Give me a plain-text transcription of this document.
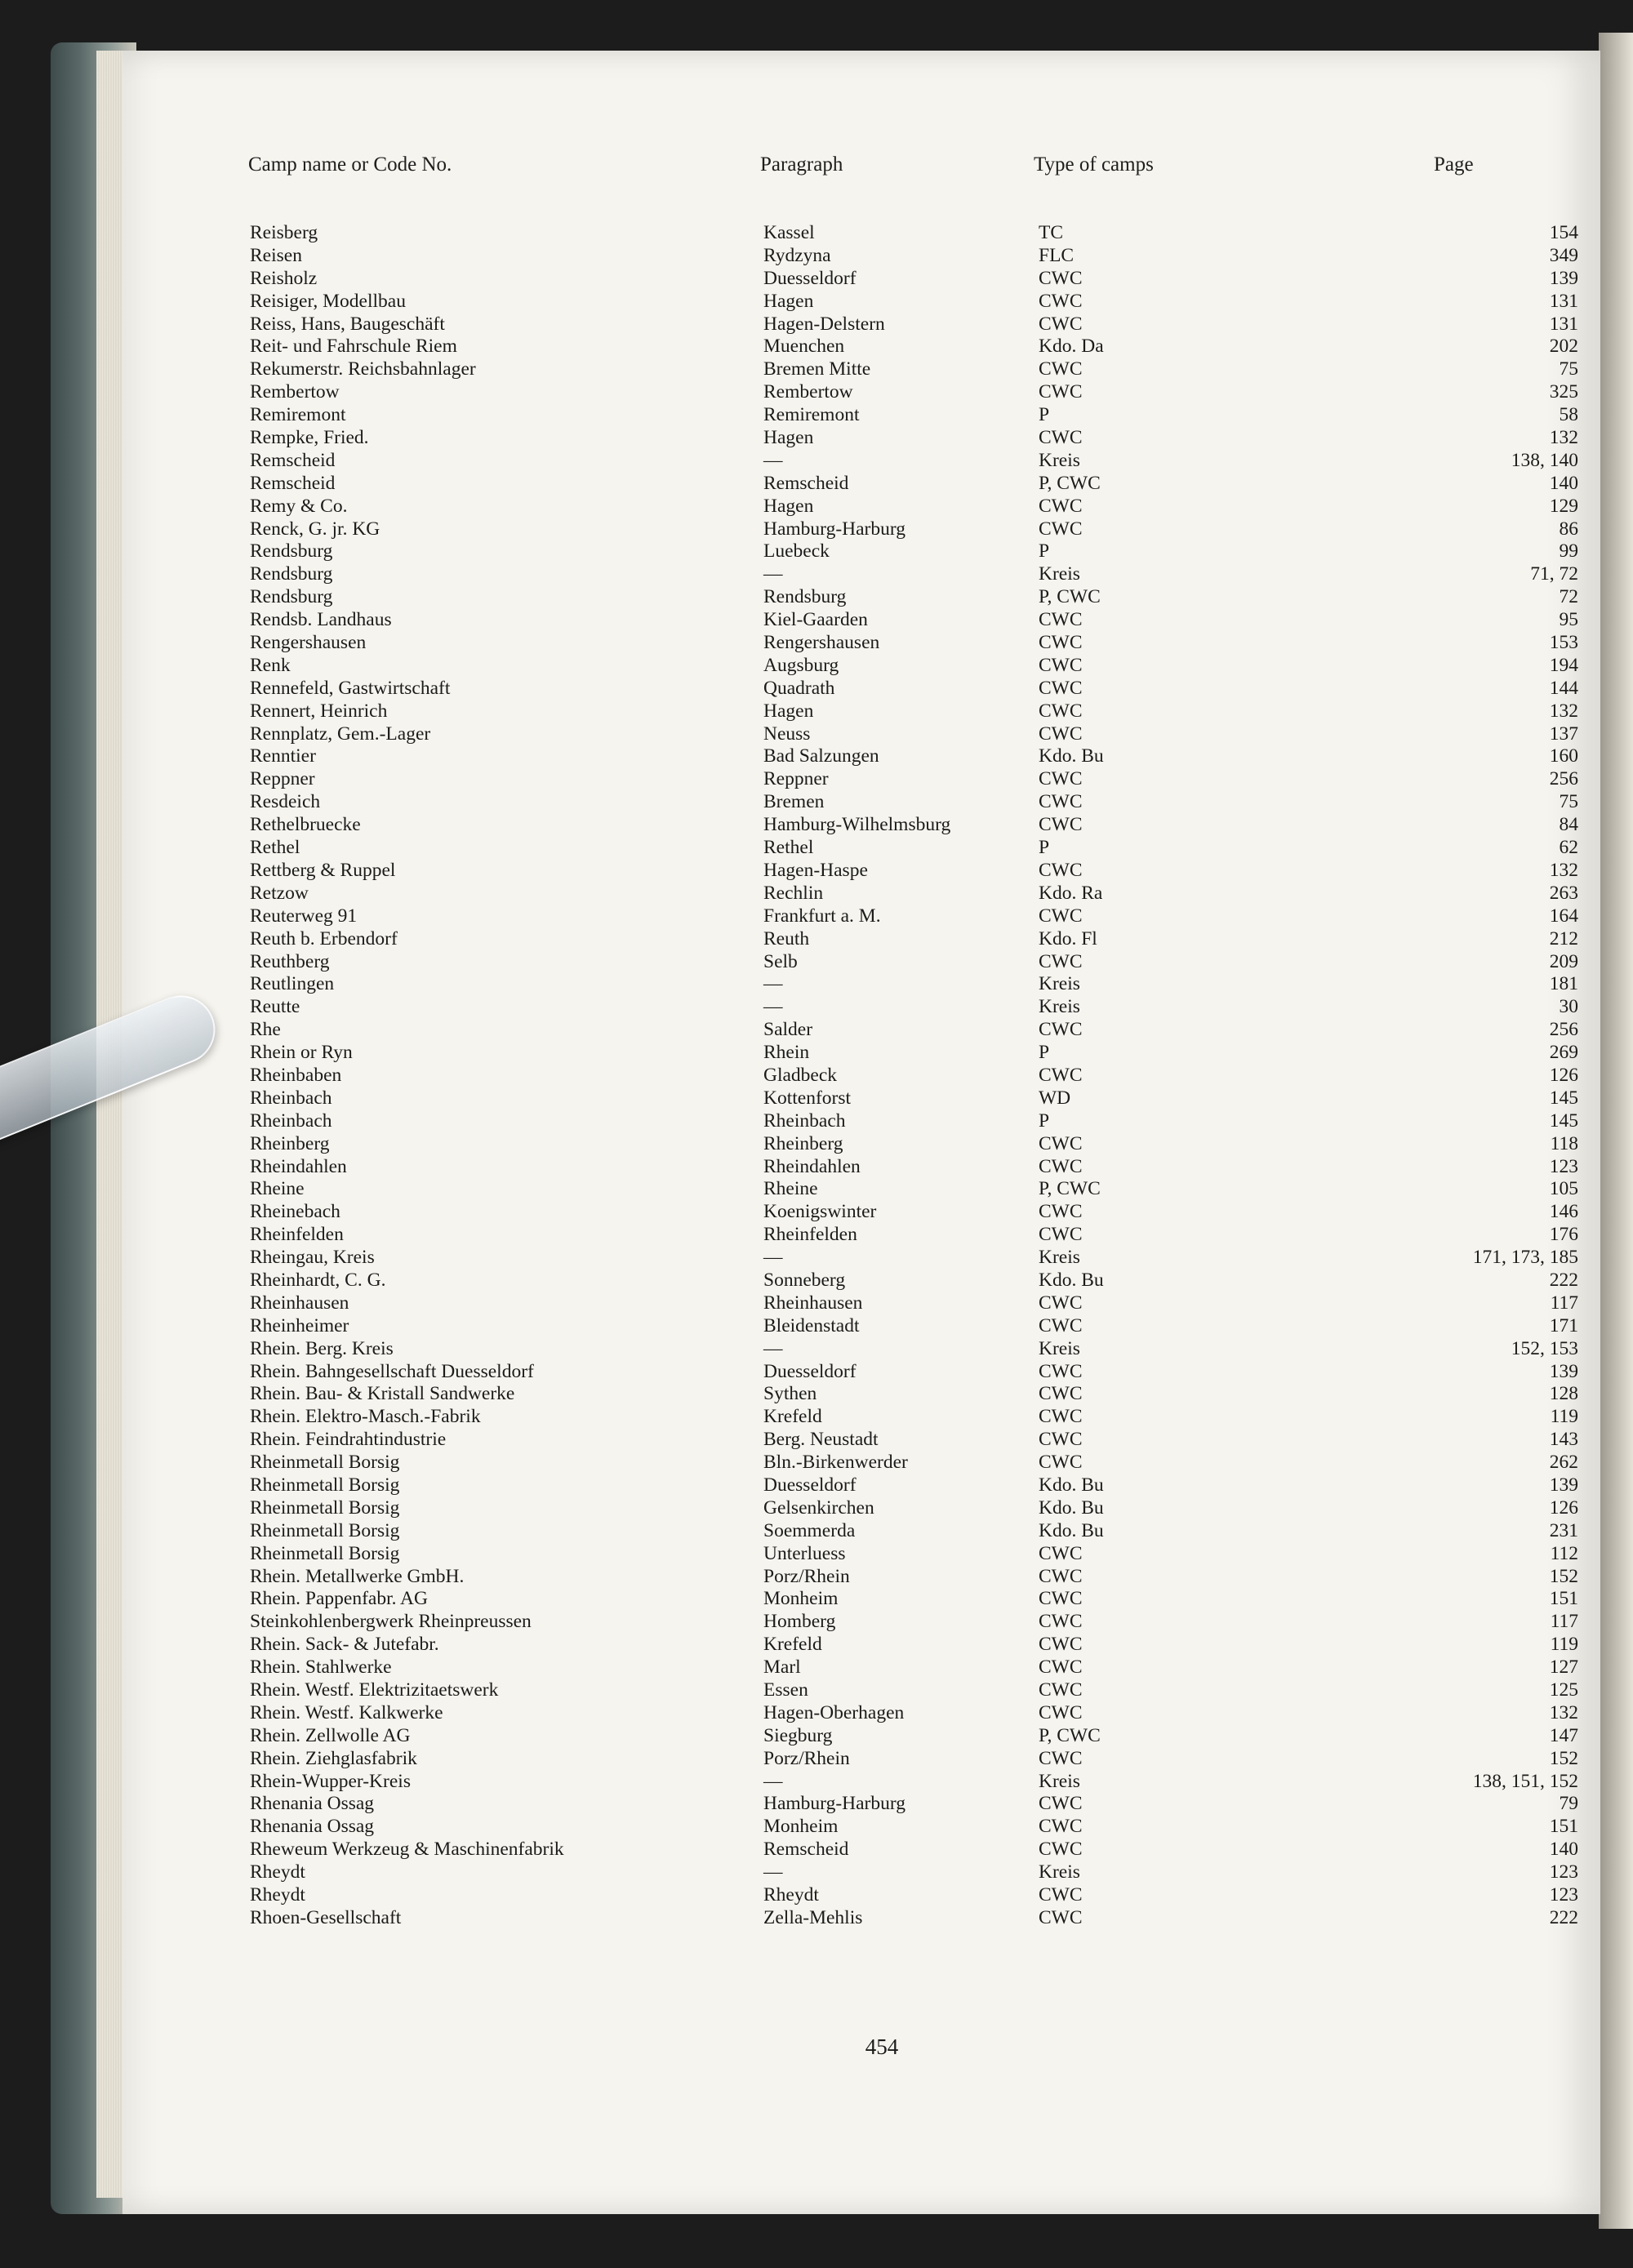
Camp name or Code No.	Paragraph	Type of camps	Page
Reisberg	Kassel	TC	154
Reisen	Rydzyna	FLC	349
Reisholz	Duesseldorf	CWC	139
Reisiger, Modellbau	Hagen	CWC	131
Reiss, Hans, Baugeschäft	Hagen-Delstern	CWC	131
Reit- und Fahrschule Riem	Muenchen	Kdo. Da	202
Rekumerstr. Reichsbahnlager	Bremen Mitte	CWC	75
Rembertow	Rembertow	CWC	325
Remiremont	Remiremont	P	58
Rempke, Fried.	Hagen	CWC	132
Remscheid	—	Kreis	138, 140
Remscheid	Remscheid	P, CWC	140
Remy & Co.	Hagen	CWC	129
Renck, G. jr. KG	Hamburg-Harburg	CWC	86
Rendsburg	Luebeck	P	99
Rendsburg	—	Kreis	71, 72
Rendsburg	Rendsburg	P, CWC	72
Rendsb. Landhaus	Kiel-Gaarden	CWC	95
Rengershausen	Rengershausen	CWC	153
Renk	Augsburg	CWC	194
Rennefeld, Gastwirtschaft	Quadrath	CWC	144
Rennert, Heinrich	Hagen	CWC	132
Rennplatz, Gem.-Lager	Neuss	CWC	137
Renntier	Bad Salzungen	Kdo. Bu	160
Reppner	Reppner	CWC	256
Resdeich	Bremen	CWC	75
Rethelbruecke	Hamburg-Wilhelmsburg	CWC	84
Rethel	Rethel	P	62
Rettberg & Ruppel	Hagen-Haspe	CWC	132
Retzow	Rechlin	Kdo. Ra	263
Reuterweg 91	Frankfurt a. M.	CWC	164
Reuth b. Erbendorf	Reuth	Kdo. Fl	212
Reuthberg	Selb	CWC	209
Reutlingen	—	Kreis	181
Reutte	—	Kreis	30
Rhe	Salder	CWC	256
Rhein or Ryn	Rhein	P	269
Rheinbaben	Gladbeck	CWC	126
Rheinbach	Kottenforst	WD	145
Rheinbach	Rheinbach	P	145
Rheinberg	Rheinberg	CWC	118
Rheindahlen	Rheindahlen	CWC	123
Rheine	Rheine	P, CWC	105
Rheinebach	Koenigswinter	CWC	146
Rheinfelden	Rheinfelden	CWC	176
Rheingau, Kreis	—	Kreis	171, 173, 185
Rheinhardt, C. G.	Sonneberg	Kdo. Bu	222
Rheinhausen	Rheinhausen	CWC	117
Rheinheimer	Bleidenstadt	CWC	171
Rhein. Berg. Kreis	—	Kreis	152, 153
Rhein. Bahngesellschaft Duesseldorf	Duesseldorf	CWC	139
Rhein. Bau- & Kristall Sandwerke	Sythen	CWC	128
Rhein. Elektro-Masch.-Fabrik	Krefeld	CWC	119
Rhein. Feindrahtindustrie	Berg. Neustadt	CWC	143
Rheinmetall Borsig	Bln.-Birkenwerder	CWC	262
Rheinmetall Borsig	Duesseldorf	Kdo. Bu	139
Rheinmetall Borsig	Gelsenkirchen	Kdo. Bu	126
Rheinmetall Borsig	Soemmerda	Kdo. Bu	231
Rheinmetall Borsig	Unterluess	CWC	112
Rhein. Metallwerke GmbH.	Porz/Rhein	CWC	152
Rhein. Pappenfabr. AG	Monheim	CWC	151
Steinkohlenbergwerk Rheinpreussen	Homberg	CWC	117
Rhein. Sack- & Jutefabr.	Krefeld	CWC	119
Rhein. Stahlwerke	Marl	CWC	127
Rhein. Westf. Elektrizitaetswerk	Essen	CWC	125
Rhein. Westf. Kalkwerke	Hagen-Oberhagen	CWC	132
Rhein. Zellwolle AG	Siegburg	P, CWC	147
Rhein. Ziehglasfabrik	Porz/Rhein	CWC	152
Rhein-Wupper-Kreis	—	Kreis	138, 151, 152
Rhenania Ossag	Hamburg-Harburg	CWC	79
Rhenania Ossag	Monheim	CWC	151
Rheweum Werkzeug & Maschinenfabrik	Remscheid	CWC	140
Rheydt	—	Kreis	123
Rheydt	Rheydt	CWC	123
Rhoen-Gesellschaft	Zella-Mehlis	CWC	222
454
